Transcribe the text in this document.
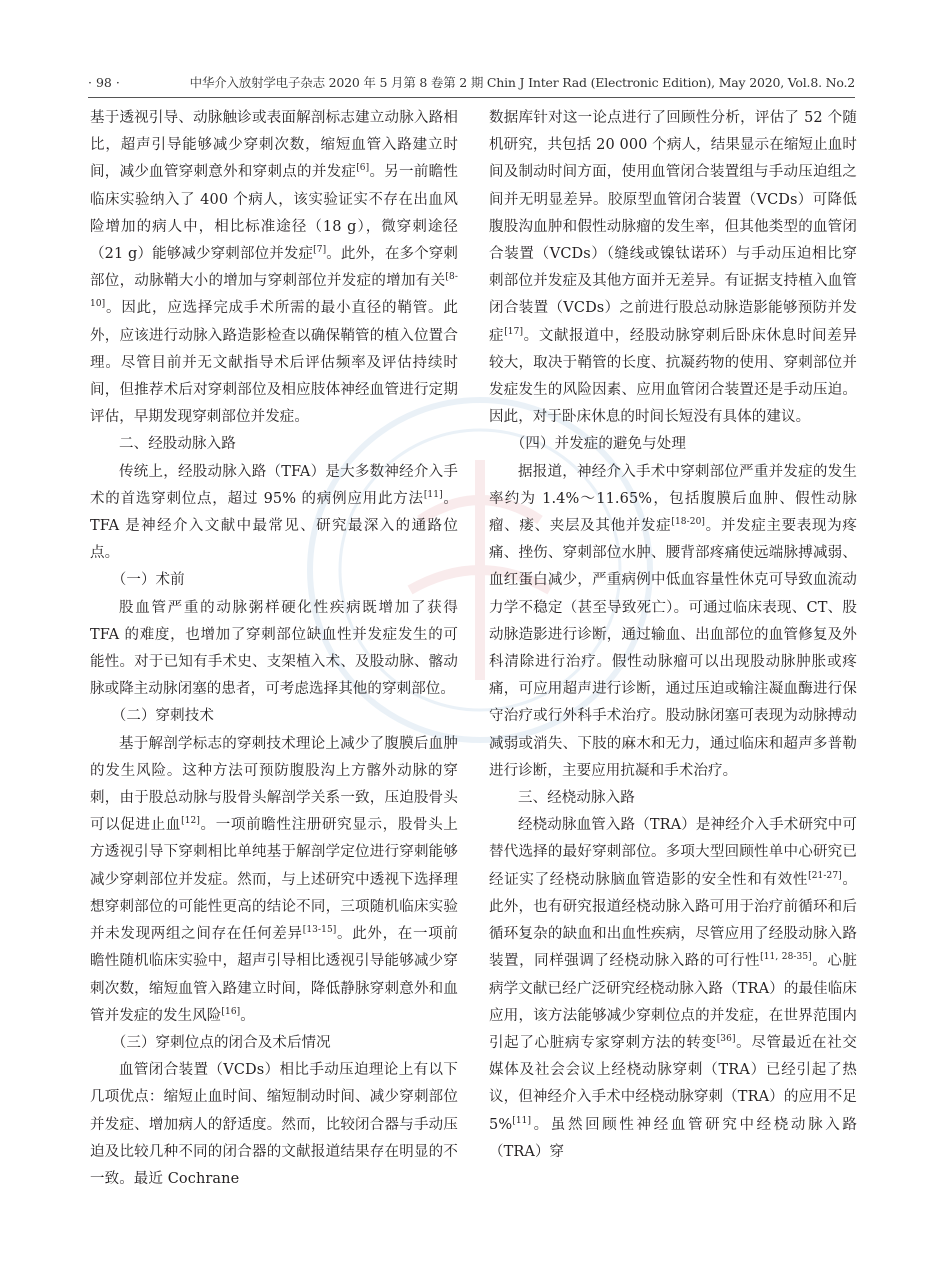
· 98 ·	中华介入放射学电子杂志 2020 年 5 月第 8 卷第 2 期 Chin J Inter Rad (Electronic Edition), May 2020, Vol.8. No.2

基于透视引导、动脉触诊或表面解剖标志建立动脉入路相比，超声引导能够减少穿刺次数，缩短血管入路建立时间，减少血管穿刺意外和穿刺点的并发症[6]。另一前瞻性临床实验纳入了 400 个病人，该实验证实不存在出血风险增加的病人中，相比标准途径（18 g），微穿刺途径（21 g）能够减少穿刺部位并发症[7]。此外，在多个穿刺部位，动脉鞘大小的增加与穿刺部位并发症的增加有关[8-10]。因此，应选择完成手术所需的最小直径的鞘管。此外，应该进行动脉入路造影检查以确保鞘管的植入位置合理。尽管目前并无文献指导术后评估频率及评估持续时间，但推荐术后对穿刺部位及相应肢体神经血管进行定期评估，早期发现穿刺部位并发症。

二、经股动脉入路

传统上，经股动脉入路（TFA）是大多数神经介入手术的首选穿刺位点，超过 95% 的病例应用此方法[11]。TFA 是神经介入文献中最常见、研究最深入的通路位点。

（一）术前

股血管严重的动脉粥样硬化性疾病既增加了获得 TFA 的难度，也增加了穿刺部位缺血性并发症发生的可能性。对于已知有手术史、支架植入术、及股动脉、髂动脉或降主动脉闭塞的患者，可考虑选择其他的穿刺部位。

（二）穿刺技术

基于解剖学标志的穿刺技术理论上减少了腹膜后血肿的发生风险。这种方法可预防腹股沟上方髂外动脉的穿刺，由于股总动脉与股骨头解剖学关系一致，压迫股骨头可以促进止血[12]。一项前瞻性注册研究显示，股骨头上方透视引导下穿刺相比单纯基于解剖学定位进行穿刺能够减少穿刺部位并发症。然而，与上述研究中透视下选择理想穿刺部位的可能性更高的结论不同，三项随机临床实验并未发现两组之间存在任何差异[13-15]。此外，在一项前瞻性随机临床实验中，超声引导相比透视引导能够减少穿刺次数，缩短血管入路建立时间，降低静脉穿刺意外和血管并发症的发生风险[16]。

（三）穿刺位点的闭合及术后情况

血管闭合装置（VCDs）相比手动压迫理论上有以下几项优点：缩短止血时间、缩短制动时间、减少穿刺部位并发症、增加病人的舒适度。然而，比较闭合器与手动压迫及比较几种不同的闭合器的文献报道结果存在明显的不一致。最近 Cochrane

数据库针对这一论点进行了回顾性分析，评估了 52 个随机研究，共包括 20 000 个病人，结果显示在缩短止血时间及制动时间方面，使用血管闭合装置组与手动压迫组之间并无明显差异。胶原型血管闭合装置（VCDs）可降低腹股沟血肿和假性动脉瘤的发生率，但其他类型的血管闭合装置（VCDs）（缝线或镍钛诺环）与手动压迫相比穿刺部位并发症及其他方面并无差异。有证据支持植入血管闭合装置（VCDs）之前进行股总动脉造影能够预防并发症[17]。文献报道中，经股动脉穿刺后卧床休息时间差异较大，取决于鞘管的长度、抗凝药物的使用、穿刺部位并发症发生的风险因素、应用血管闭合装置还是手动压迫。因此，对于卧床休息的时间长短没有具体的建议。

（四）并发症的避免与处理

据报道，神经介入手术中穿刺部位严重并发症的发生率约为 1.4%～11.65%，包括腹膜后血肿、假性动脉瘤、瘘、夹层及其他并发症[18-20]。并发症主要表现为疼痛、挫伤、穿刺部位水肿、腰背部疼痛使远端脉搏减弱、血红蛋白减少，严重病例中低血容量性休克可导致血流动力学不稳定（甚至导致死亡）。可通过临床表现、CT、股动脉造影进行诊断，通过输血、出血部位的血管修复及外科清除进行治疗。假性动脉瘤可以出现股动脉肿胀或疼痛，可应用超声进行诊断，通过压迫或输注凝血酶进行保守治疗或行外科手术治疗。股动脉闭塞可表现为动脉搏动减弱或消失、下肢的麻木和无力，通过临床和超声多普勒进行诊断，主要应用抗凝和手术治疗。

三、经桡动脉入路

经桡动脉血管入路（TRA）是神经介入手术研究中可替代选择的最好穿刺部位。多项大型回顾性单中心研究已经证实了经桡动脉脑血管造影的安全性和有效性[21-27]。此外，也有研究报道经桡动脉入路可用于治疗前循环和后循环复杂的缺血和出血性疾病，尽管应用了经股动脉入路装置，同样强调了经桡动脉入路的可行性[11, 28-35]。心脏病学文献已经广泛研究经桡动脉入路（TRA）的最佳临床应用，该方法能够减少穿刺位点的并发症，在世界范围内引起了心脏病专家穿刺方法的转变[36]。尽管最近在社交媒体及社会会议上经桡动脉穿刺（TRA）已经引起了热议，但神经介入手术中经桡动脉穿刺（TRA）的应用不足 5%[11]。虽然回顾性神经血管研究中经桡动脉入路（TRA）穿
